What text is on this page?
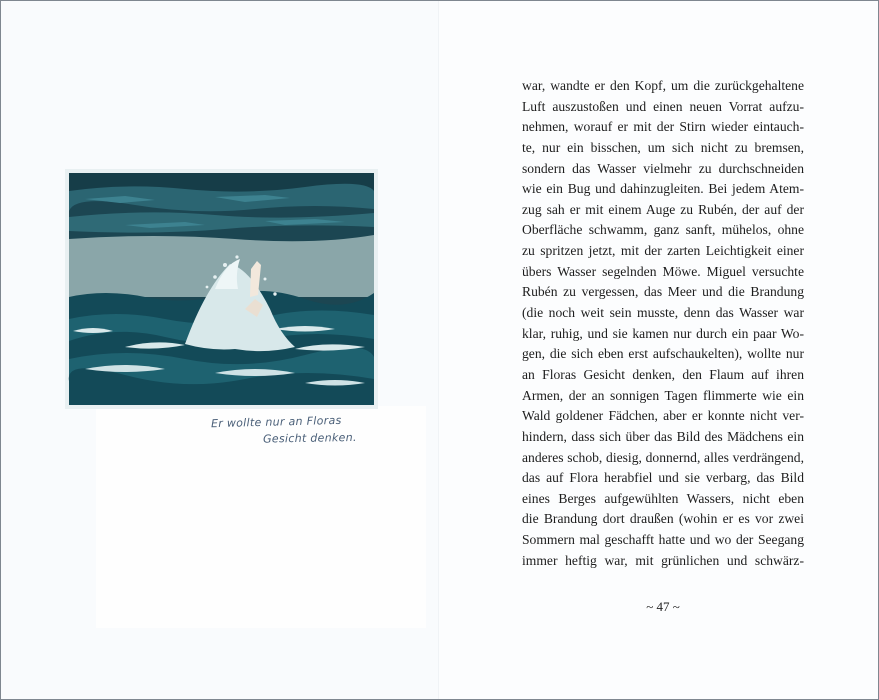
Er wollte nur an Floras
Gesicht denken.
war, wandte er den Kopf, um die zurückgehaltene
Luft auszustoßen und einen neuen Vorrat aufzu-
nehmen, worauf er mit der Stirn wieder eintauch-
te, nur ein bisschen, um sich nicht zu bremsen,
sondern das Wasser vielmehr zu durchschneiden
wie ein Bug und dahinzugleiten. Bei jedem Atem-
zug sah er mit einem Auge zu Rubén, der auf der
Oberfläche schwamm, ganz sanft, mühelos, ohne
zu spritzen jetzt, mit der zarten Leichtigkeit einer
übers Wasser segelnden Möwe. Miguel versuchte
Rubén zu vergessen, das Meer und die Brandung
(die noch weit sein musste, denn das Wasser war
klar, ruhig, und sie kamen nur durch ein paar Wo-
gen, die sich eben erst aufschaukelten), wollte nur
an Floras Gesicht denken, den Flaum auf ihren
Armen, der an sonnigen Tagen flimmerte wie ein
Wald goldener Fädchen, aber er konnte nicht ver-
hindern, dass sich über das Bild des Mädchens ein
anderes schob, diesig, donnernd, alles verdrängend,
das auf Flora herabfiel und sie verbarg, das Bild
eines Berges aufgewühlten Wassers, nicht eben
die Brandung dort draußen (wohin er es vor zwei
Sommern mal geschafft hatte und wo der Seegang
immer heftig war, mit grünlichen und schwärz-
~ 47 ~
